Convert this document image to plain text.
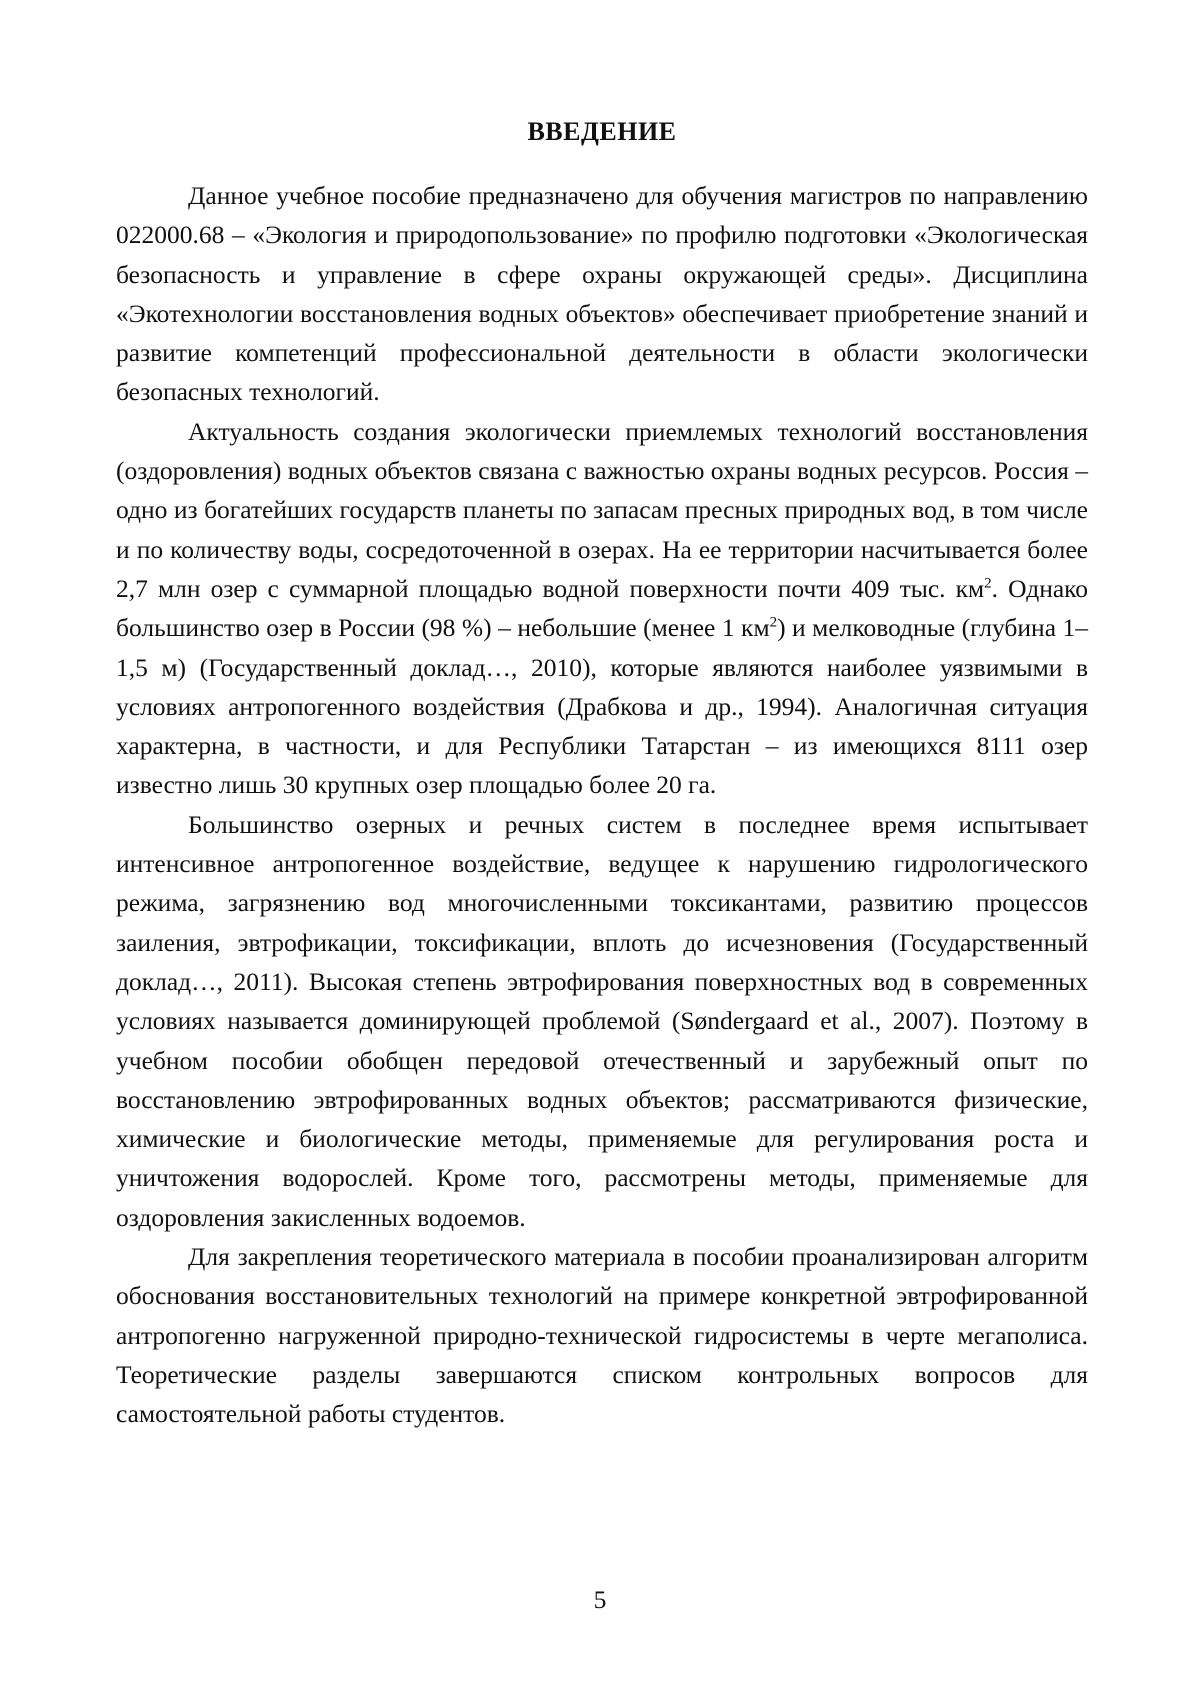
ВВЕДЕНИЕ

Данное учебное пособие предназначено для обучения магистров по направлению 022000.68 – «Экология и природопользование» по профилю подготовки «Экологическая безопасность и управление в сфере охраны окружающей среды». Дисциплина «Экотехнологии восстановления водных объектов» обеспечивает приобретение знаний и развитие компетенций профессиональной деятельности в области экологически безопасных технологий.

Актуальность создания экологически приемлемых технологий восстановления (оздоровления) водных объектов связана с важностью охраны водных ресурсов. Россия – одно из богатейших государств планеты по запасам пресных природных вод, в том числе и по количеству воды, сосредоточенной в озерах. На ее территории насчитывается более 2,7 млн озер с суммарной площадью водной поверхности почти 409 тыс. $км^2$. Однако большинство озер в России (98 %) – небольшие (менее 1 $км^2$) и мелководные (глубина 1–1,5 м) (Государственный доклад…, 2010), которые являются наиболее уязвимыми в условиях антропогенного воздействия (Драбкова и др., 1994). Аналогичная ситуация характерна, в частности, и для Республики Татарстан – из имеющихся 8111 озер известно лишь 30 крупных озер площадью более 20 га.

Большинство озерных и речных систем в последнее время испытывает интенсивное антропогенное воздействие, ведущее к нарушению гидрологического режима, загрязнению вод многочисленными токсикантами, развитию процессов заиления, эвтрофикации, токсификации, вплоть до исчезновения (Государственный доклад…, 2011). Высокая степень эвтрофирования поверхностных вод в современных условиях называется доминирующей проблемой (Søndergaard et al., 2007). Поэтому в учебном пособии обобщен передовой отечественный и зарубежный опыт по восстановлению эвтрофированных водных объектов; рассматриваются физические, химические и биологические методы, применяемые для регулирования роста и уничтожения водорослей. Кроме того, рассмотрены методы, применяемые для оздоровления закисленных водоемов.

Для закрепления теоретического материала в пособии проанализирован алгоритм обоснования восстановительных технологий на примере конкретной эвтрофированной антропогенно нагруженной природно-технической гидросистемы в черте мегаполиса. Теоретические разделы завершаются списком контрольных вопросов для самостоятельной работы студентов.

5
